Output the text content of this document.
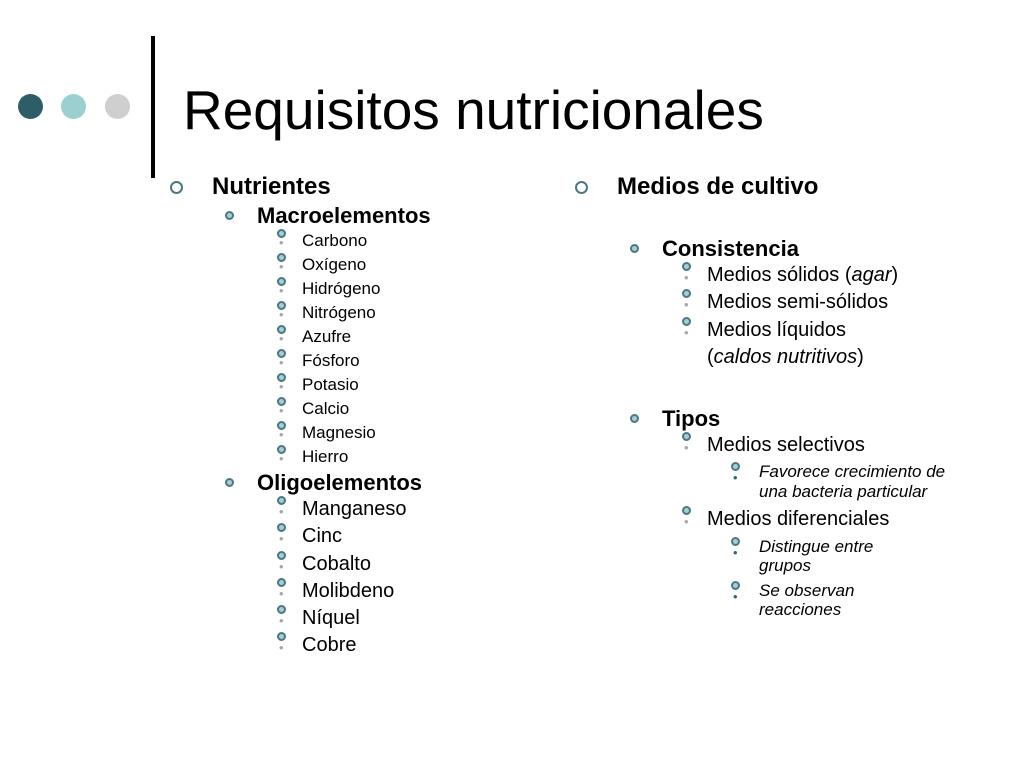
Requisitos nutricionales
Nutrientes
Macroelementos
• Carbono
• Oxígeno
• Hidrógeno
• Nitrógeno
• Azufre
• Fósforo
• Potasio
• Calcio
• Magnesio
• Hierro
Oligoelementos
• Manganeso
• Cinc
• Cobalto
• Molibdeno
• Níquel
• Cobre
Medios de cultivo
Consistencia
• Medios sólidos (agar)
• Medios semi-sólidos
• Medios líquidos
(caldos nutritivos)
Tipos
• Medios selectivos
• Favorece crecimiento de una bacteria particular
• Medios diferenciales
• Distingue entre grupos
• Se observan reacciones
